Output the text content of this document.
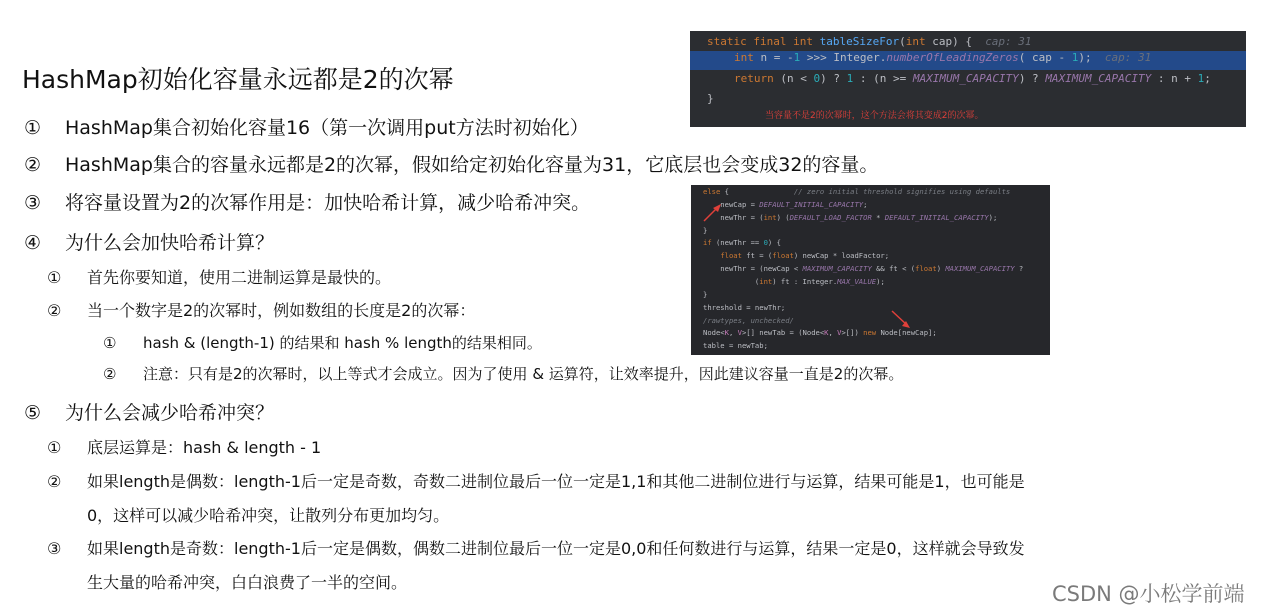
HashMap初始化容量永远都是2的次幂
① HashMap集合初始化容量16（第一次调用put方法时初始化）
② HashMap集合的容量永远都是2的次幂，假如给定初始化容量为31，它底层也会变成32的容量。
③ 将容量设置为2的次幂作用是：加快哈希计算，减少哈希冲突。
④ 为什么会加快哈希计算？
① 首先你要知道，使用二进制运算是最快的。
② 当一个数字是2的次幂时，例如数组的长度是2的次幂：
① hash & (length-1) 的结果和 hash % length的结果相同。
② 注意：只有是2的次幂时，以上等式才会成立。因为了使用 & 运算符，让效率提升，因此建议容量一直是2的次幂。
⑤ 为什么会减少哈希冲突？
① 底层运算是：hash & length - 1
② 如果length是偶数：length-1后一定是奇数，奇数二进制位最后一位一定是1,1和其他二进制位进行与运算，结果可能是1，也可能是
0，这样可以减少哈希冲突，让散列分布更加均匀。
③ 如果length是奇数：length-1后一定是偶数，偶数二进制位最后一位一定是0,0和任何数进行与运算，结果一定是0，这样就会导致发
生大量的哈希冲突，白白浪费了一半的空间。
static final int tableSizeFor(int cap) {  cap: 31
int n = -1 >>> Integer.numberOfLeadingZeros( cap - 1);  cap: 31
return (n < 0) ? 1 : (n >= MAXIMUM_CAPACITY) ? MAXIMUM_CAPACITY : n + 1;
}
当容量不是2的次幂时，这个方法会将其变成2的次幂。
else {               // zero initial threshold signifies using defaults
newCap = DEFAULT_INITIAL_CAPACITY;
newThr = (int) (DEFAULT_LOAD_FACTOR * DEFAULT_INITIAL_CAPACITY);
}
if (newThr == 0) {
float ft = (float) newCap * loadFactor;
newThr = (newCap < MAXIMUM_CAPACITY && ft < (float) MAXIMUM_CAPACITY ?
(int) ft : Integer.MAX_VALUE);
}
threshold = newThr;
/rawtypes, unchecked/
Node<K, V>[] newTab = (Node<K, V>[]) new Node[newCap];
table = newTab;
CSDN @小松学前端
